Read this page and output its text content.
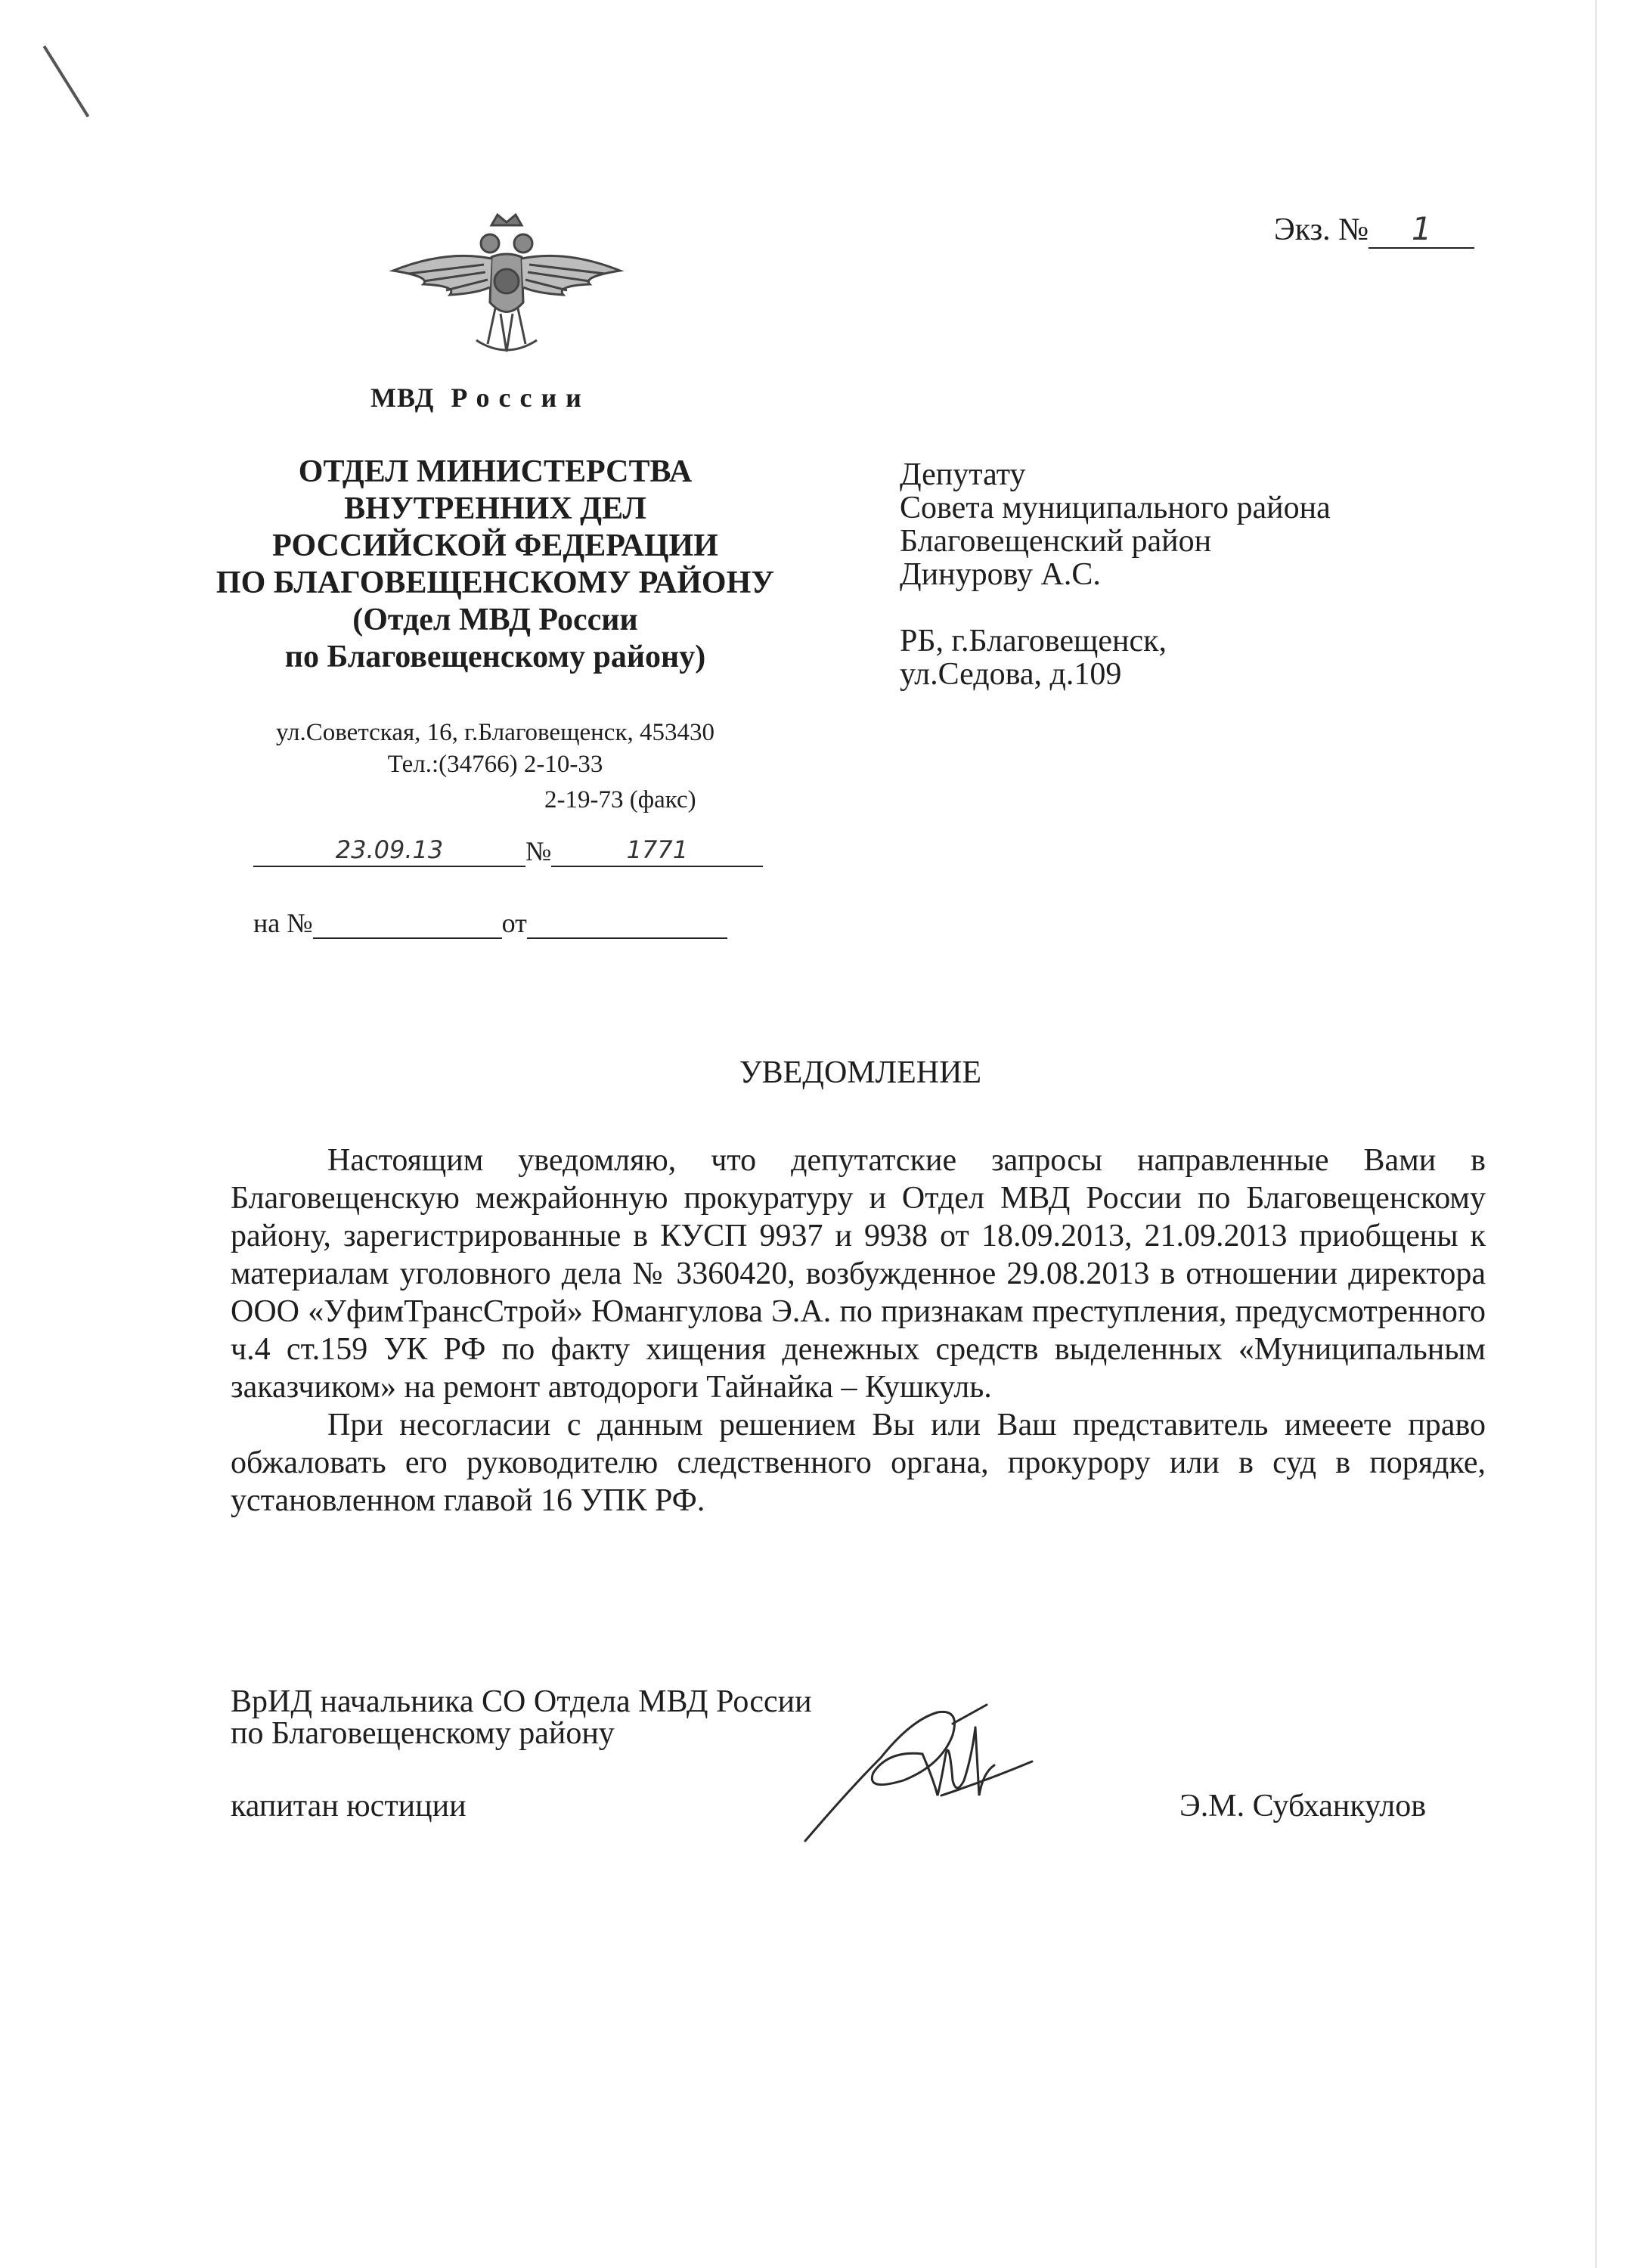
Экз. № 1
МВД России
ОТДЕЛ МИНИСТЕРСТВА
ВНУТРЕННИХ ДЕЛ
РОССИЙСКОЙ ФЕДЕРАЦИИ
ПО БЛАГОВЕЩЕНСКОМУ РАЙОНУ
(Отдел МВД России
по Благовещенскому району)
ул.Советская, 16, г.Благовещенск, 453430
Тел.:(34766) 2-10-33
2-19-73 (факс)
23.09.13	№	1771
на №	от
Депутату
Совета муниципального района
Благовещенский район
Динурову А.С.
РБ, г.Благовещенск,
ул.Седова, д.109
УВЕДОМЛЕНИЕ

Настоящим уведомляю, что депутатские запросы направленные Вами в Благовещенскую межрайонную прокуратуру и Отдел МВД России по Благовещенскому району, зарегистрированные в КУСП 9937 и 9938 от 18.09.2013, 21.09.2013 приобщены к материалам уголовного дела № 3360420, возбужденное 29.08.2013 в отношении директора ООО «УфимТрансСтрой» Юмангулова Э.А. по признакам преступления, предусмотренного ч.4 ст.159 УК РФ по факту хищения денежных средств выделенных «Муниципальным заказчиком» на ремонт автодороги Тайнайка – Кушкуль.

При несогласии с данным решением Вы или Ваш представитель имееете право обжаловать его руководителю следственного органа, прокурору или в суд в порядке, установленном главой 16 УПК РФ.

ВрИД начальника СО Отдела МВД России
по Благовещенскому району
капитан юстиции	Э.М. Субханкулов
